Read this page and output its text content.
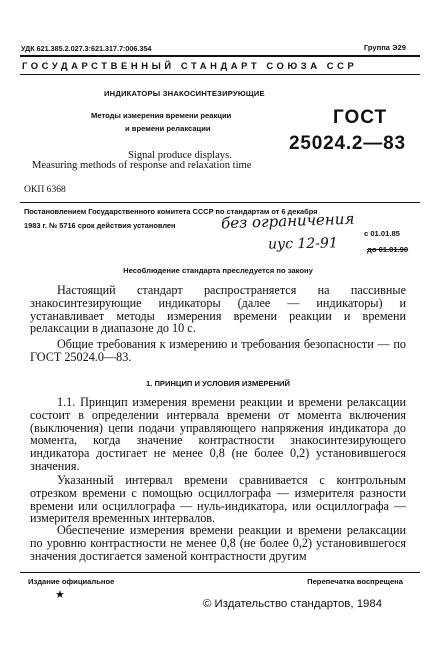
УДК 621.385.2.027.3:621.317.7:006.354	Группа Э29
ГОСУДАРСТВЕННЫЙ СТАНДАРТ СОЮЗА ССР
ИНДИКАТОРЫ ЗНАКОСИНТЕЗИРУЮЩИЕ
Методы измерения времени реакции
и времени релаксации
ГОСТ
25024.2—83
Signal produce displays.
Measuring methods of response and relaxation time
ОКП 6368
Постановлением Государственного комитета СССР по стандартам от 6 декабря
1983 г. № 5716 срок действия установлен	без ограничения
иус 12-91
с 01.01.85
до 01.01.90
Несоблюдение стандарта преследуется по закону

Настоящий стандарт распространяется на пассивные знакосинтезирующие индикаторы (далее — индикаторы) и устанавливает методы измерения времени реакции и времени релаксации в диапазоне до 10 с.

Общие требования к измерению и требования безопасности — по ГОСТ 25024.0—83.

1. ПРИНЦИП И УСЛОВИЯ ИЗМЕРЕНИЙ

1.1. Принцип измерения времени реакции и времени релаксации состоит в определении интервала времени от момента включения (выключения) цепи подачи управляющего напряжения индикатора до момента, когда значение контрастности знакосинтезирующего индикатора достигает не менее 0,8 (не более 0,2) установившегося значения.

Указанный интервал времени сравнивается с контрольным отрезком времени с помощью осциллографа — измерителя разности времени или осциллографа — нуль-индикатора, или осциллографа — измерителя временных интервалов.

Обеспечение измерения времени реакции и времени релаксации по уровню контрастности не менее 0,8 (не более 0,2) установившегося значения достигается заменой контрастности другим

Издание официальное	Перепечатка воспрещена
★
© Издательство стандартов, 1984
